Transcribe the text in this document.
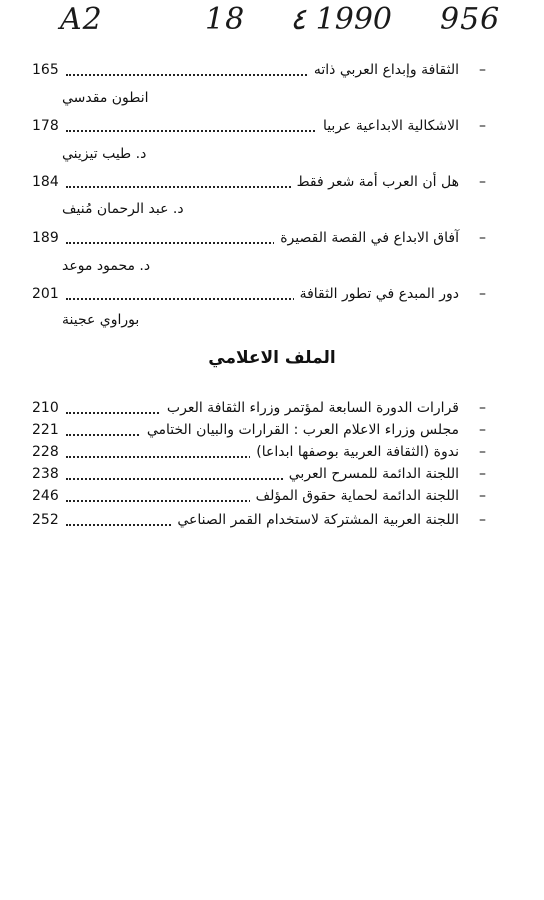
A2	18 ٤ 1990 956
–
الثقافة وإبداع العربي ذاته
165
انطون مقدسي
–
الاشكالية الابداعية عربيا
178
د. طيب تيزيني
–
هل أن العرب أمة شعر فقط
184
د. عبد الرحمان مُنيف
–
آفاق الابداع في القصة القصيرة
189
د. محمود موعد
–
دور المبدع في تطور الثقافة
201
بوراوي عجينة
الملف الاعلامي
–
قرارات الدورة السابعة لمؤتمر وزراء الثقافة العرب
210
–
مجلس وزراء الاعلام العرب : القرارات والبيان الختامي
221
–
ندوة (الثقافة العربية بوصفها ابداعا)
228
–
اللجنة الدائمة للمسرح العربي
238
–
اللجنة الدائمة لحماية حقوق المؤلف
246
–
اللجنة العربية المشتركة لاستخدام القمر الصناعي
252
